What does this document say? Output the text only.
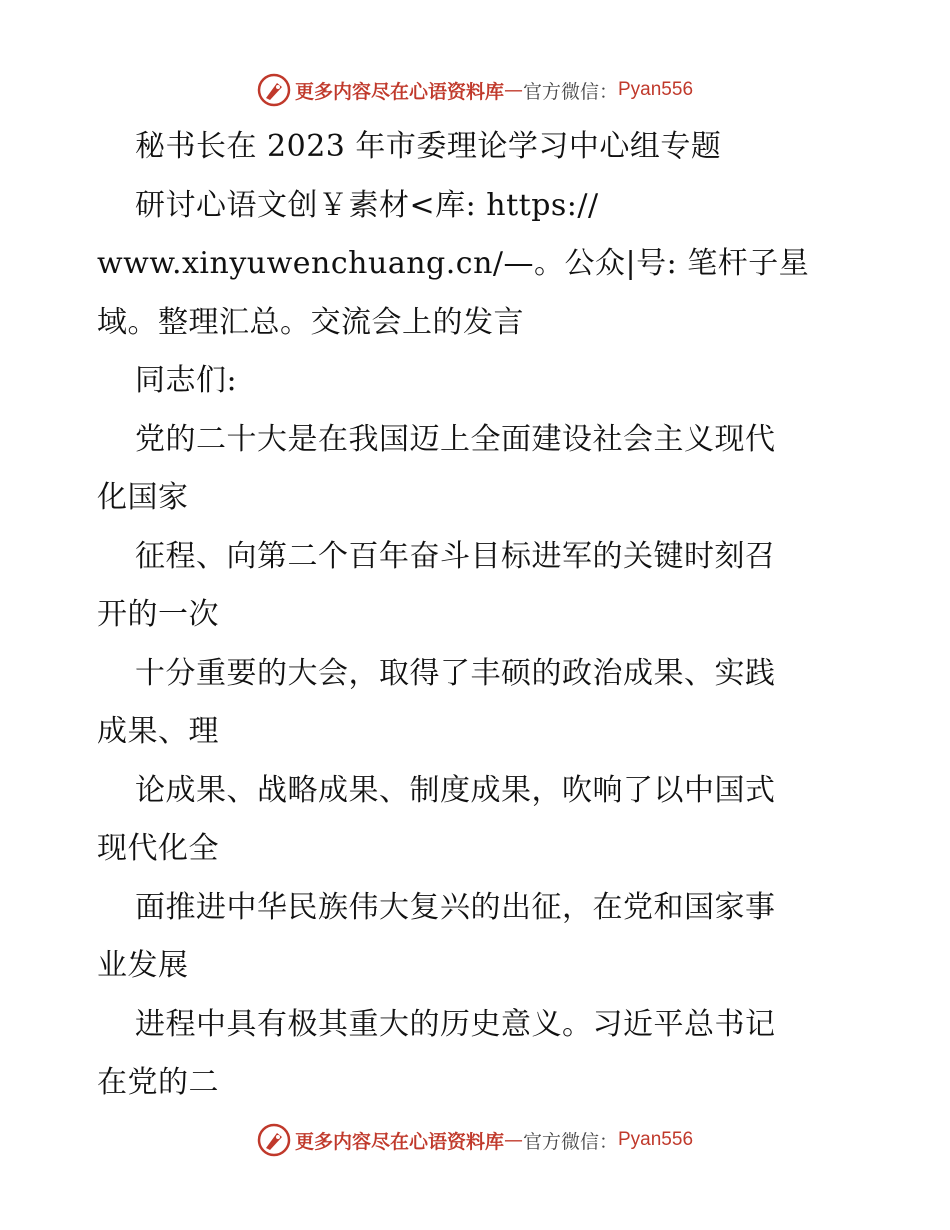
更多内容尽在心语资料库 — 官方微信： Pyan556
秘书长在 2023 年市委理论学习中心组专题
研讨心语文创￥素材<库: https://
www.xinyuwenchuang.cn/—。公众|号: 笔杆子星
域。整理汇总。交流会上的发言
同志们:
党的二十大是在我国迈上全面建设社会主义现代
化国家
征程、向第二个百年奋斗目标进军的关键时刻召
开的一次
十分重要的大会，取得了丰硕的政治成果、实践
成果、理
论成果、战略成果、制度成果，吹响了以中国式
现代化全
面推进中华民族伟大复兴的出征，在党和国家事
业发展
进程中具有极其重大的历史意义。习近平总书记
在党的二
更多内容尽在心语资料库 — 官方微信： Pyan556
